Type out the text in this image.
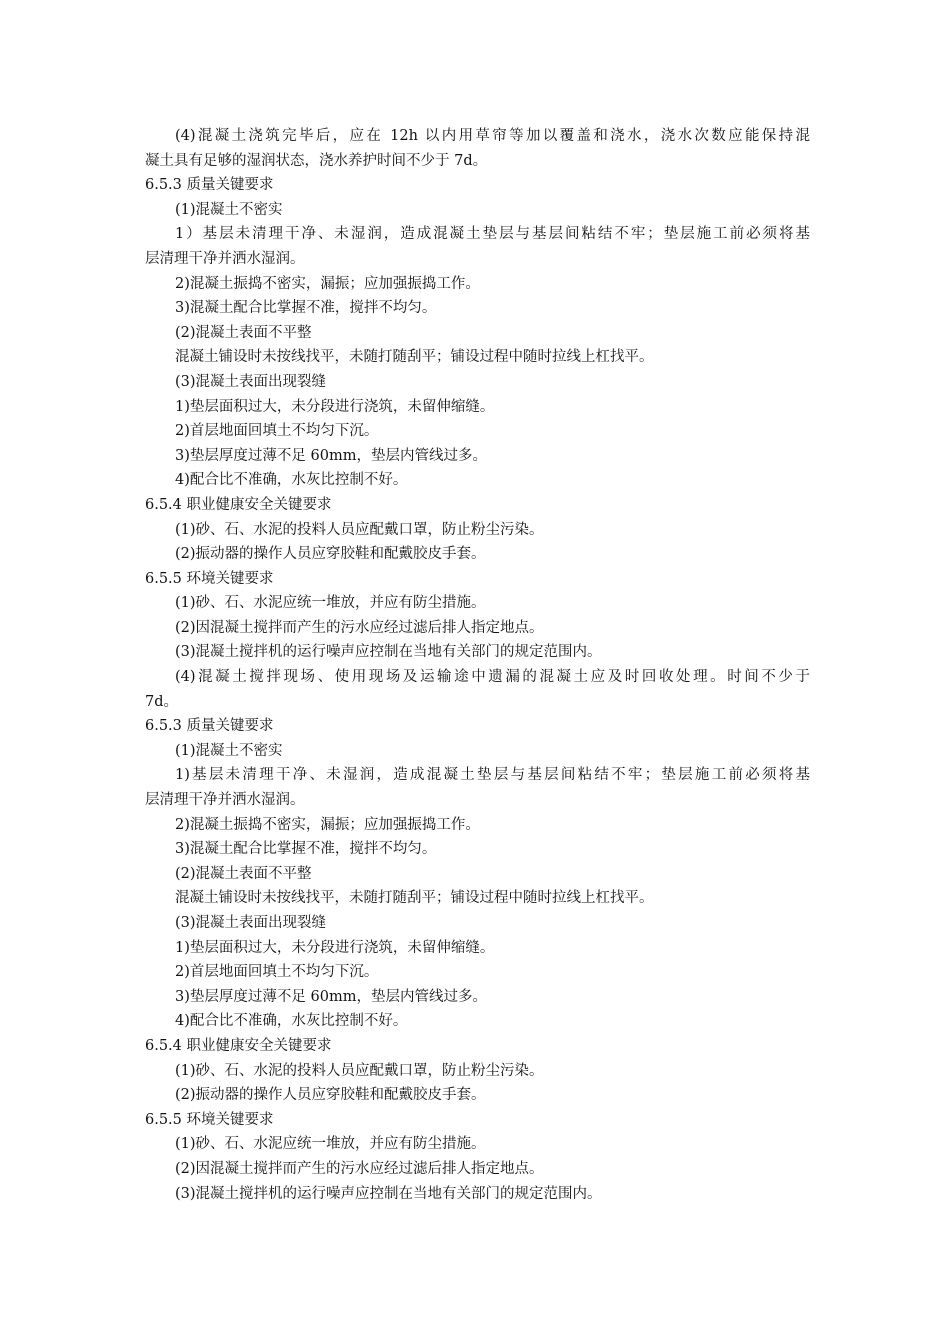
(4)混凝土浇筑完毕后，应在 12h 以内用草帘等加以覆盖和浇水，浇水次数应能保持混
凝土具有足够的湿润状态，浇水养护时间不少于 7d。
6.5.3 质量关键要求
(1)混凝土不密实
1）基层未清理干净、未湿润，造成混凝土垫层与基层间粘结不牢；垫层施工前必须将基
层清理干净并洒水湿润。
2)混凝土振捣不密实，漏振；应加强振捣工作。
3)混凝土配合比掌握不准，搅拌不均匀。
(2)混凝土表面不平整
混凝土铺设时未按线找平，未随打随刮平；铺设过程中随时拉线上杠找平。
(3)混凝土表面出现裂缝
1)垫层面积过大，未分段进行浇筑，未留伸缩缝。
2)首层地面回填土不均匀下沉。
3)垫层厚度过薄不足 60mm，垫层内管线过多。
4)配合比不准确，水灰比控制不好。
6.5.4 职业健康安全关键要求
(1)砂、石、水泥的投料人员应配戴口罩，防止粉尘污染。
(2)振动器的操作人员应穿胶鞋和配戴胶皮手套。
6.5.5 环境关键要求
(1)砂、石、水泥应统一堆放，并应有防尘措施。
(2)因混凝土搅拌而产生的污水应经过滤后排人指定地点。
(3)混凝土搅拌机的运行噪声应控制在当地有关部门的规定范围内。
(4)混凝土搅拌现场、使用现场及运输途中遗漏的混凝土应及时回收处理。时间不少于
7d。
6.5.3 质量关键要求
(1)混凝土不密实
1)基层未清理干净、未湿润，造成混凝土垫层与基层间粘结不牢；垫层施工前必须将基
层清理干净并洒水湿润。
2)混凝土振捣不密实，漏振；应加强振捣工作。
3)混凝土配合比掌握不准，搅拌不均匀。
(2)混凝土表面不平整
混凝土铺设时未按线找平，未随打随刮平；铺设过程中随时拉线上杠找平。
(3)混凝土表面出现裂缝
1)垫层面积过大，未分段进行浇筑，未留伸缩缝。
2)首层地面回填土不均匀下沉。
3)垫层厚度过薄不足 60mm，垫层内管线过多。
4)配合比不准确，水灰比控制不好。
6.5.4 职业健康安全关键要求
(1)砂、石、水泥的投料人员应配戴口罩，防止粉尘污染。
(2)振动器的操作人员应穿胶鞋和配戴胶皮手套。
6.5.5 环境关键要求
(1)砂、石、水泥应统一堆放，并应有防尘措施。
(2)因混凝土搅拌而产生的污水应经过滤后排人指定地点。
(3)混凝土搅拌机的运行噪声应控制在当地有关部门的规定范围内。
